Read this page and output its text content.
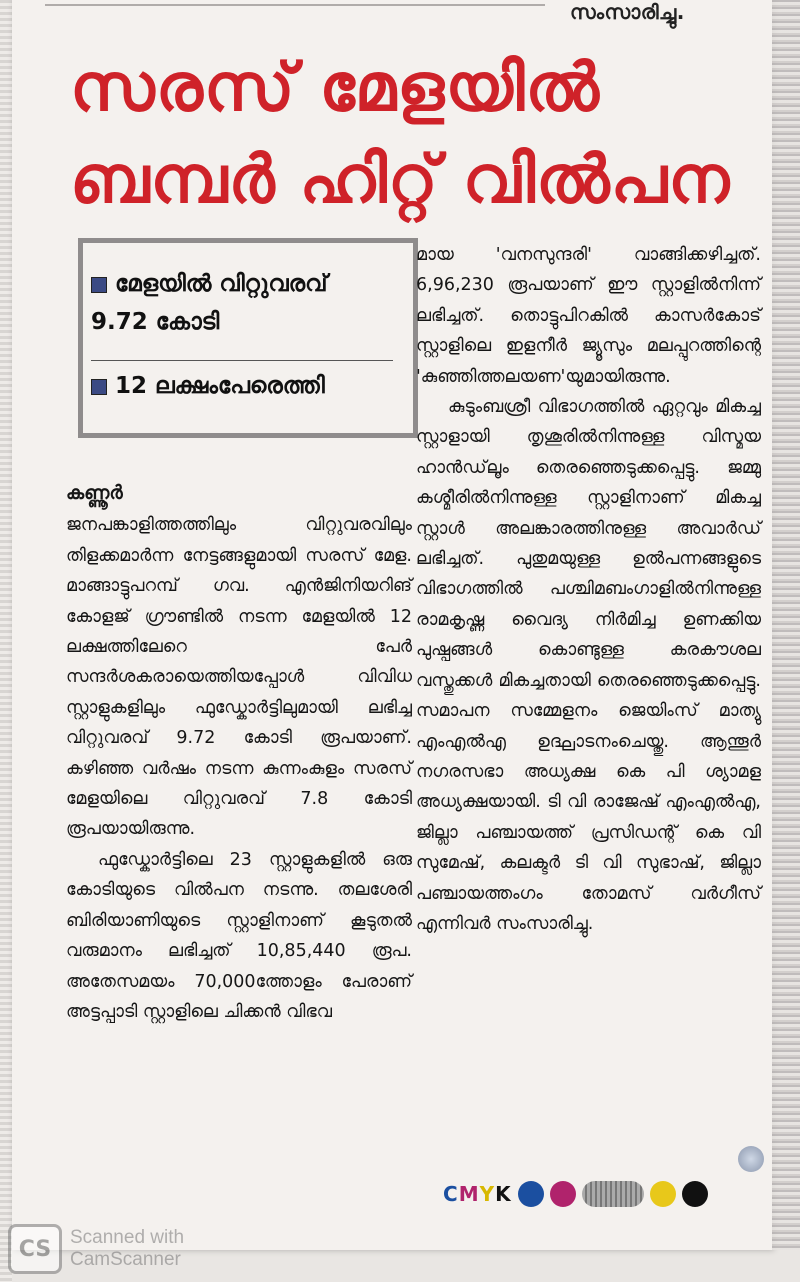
സംസാരിച്ചു.
സരസ് മേളയിൽ
ബമ്പർ ഹിറ്റ് വിൽപന
മേളയിൽ വിറ്റുവരവ്
9.72 കോടി
12 ലക്ഷംപേരെത്തി
കണ്ണൂർ

ജനപങ്കാളിത്തത്തിലും വിറ്റുവരവിലും തിളക്കമാർന്ന നേട്ടങ്ങളുമായി സരസ് മേള. മാങ്ങാട്ടുപറമ്പ് ഗവ. എൻജിനിയറിങ് കോളജ് ഗ്രൗണ്ടിൽ നടന്ന മേളയിൽ 12 ലക്ഷത്തിലേറെ പേർ സന്ദർശകരായെത്തിയപ്പോൾ വിവിധ സ്റ്റാളുകളിലും ഫുഡ്കോർട്ടിലുമായി ലഭിച്ച വിറ്റുവരവ് 9.72 കോടി രൂപയാണ്. കഴിഞ്ഞ വർഷം നടന്ന കുന്നംകുളം സരസ് മേളയിലെ വിറ്റുവരവ് 7.8 കോടി രൂപയായിരുന്നു.

ഫുഡ്കോർട്ടിലെ 23 സ്റ്റാളുകളിൽ ഒരു കോടിയുടെ വിൽപന നടന്നു. തലശേരി ബിരിയാണിയുടെ സ്റ്റാളിനാണ് കൂടുതൽ വരുമാനം ലഭിച്ചത് 10,85,440 രൂപ. അതേസമയം 70,000ത്തോളം പേരാണ് അട്ടപ്പാടി സ്റ്റാളിലെ ചിക്കൻ വിഭവ

മായ 'വനസുന്ദരി' വാങ്ങിക്കഴിച്ചത്. 6,96,230 രൂപയാണ് ഈ സ്റ്റാളിൽനിന്ന് ലഭിച്ചത്. തൊട്ടുപിറകിൽ കാസർകോട് സ്റ്റാളിലെ ഇളനീർ ജ്യൂസും മലപ്പുറത്തിന്റെ 'കുഞ്ഞിത്തലയണ'യുമായിരുന്നു.

കുടുംബശ്രീ വിഭാഗത്തിൽ ഏറ്റവും മികച്ച സ്റ്റാളായി തൃശൂരിൽനിന്നുള്ള വിസ്മയ ഹാൻഡ്‌ലൂം തെരഞ്ഞെടുക്കപ്പെട്ടു. ജമ്മു കശ്മീരിൽനിന്നുള്ള സ്റ്റാളിനാണ് മികച്ച സ്റ്റാൾ അലങ്കാരത്തിനുള്ള അവാർഡ് ലഭിച്ചത്. പുതുമയുള്ള ഉൽപന്നങ്ങളുടെ വിഭാഗത്തിൽ പശ്ചിമബംഗാളിൽനിന്നുള്ള രാമകൃഷ്ണ വൈദ്യ നിർമിച്ച ഉണക്കിയ പുഷ്പങ്ങൾ കൊണ്ടുള്ള കരകൗശല വസ്തുക്കൾ മികച്ചതായി തെരഞ്ഞെടുക്കപ്പെട്ടു. സമാപന സമ്മേളനം ജെയിംസ് മാത്യു എംഎൽഎ ഉദ്ഘാടനംചെയ്തു. ആന്തൂർ നഗരസഭാ അധ്യക്ഷ കെ പി ശ്യാമള അധ്യക്ഷയായി. ടി വി രാജേഷ് എംഎൽഎ, ജില്ലാ പഞ്ചായത്ത് പ്രസിഡന്റ് കെ വി സുമേഷ്, കലക്ടർ ടി വി സുഭാഷ്, ജില്ലാ പഞ്ചായത്തംഗം തോമസ് വർഗീസ് എന്നിവർ സംസാരിച്ചു.

CMYK
CS Scanned with
CamScanner
